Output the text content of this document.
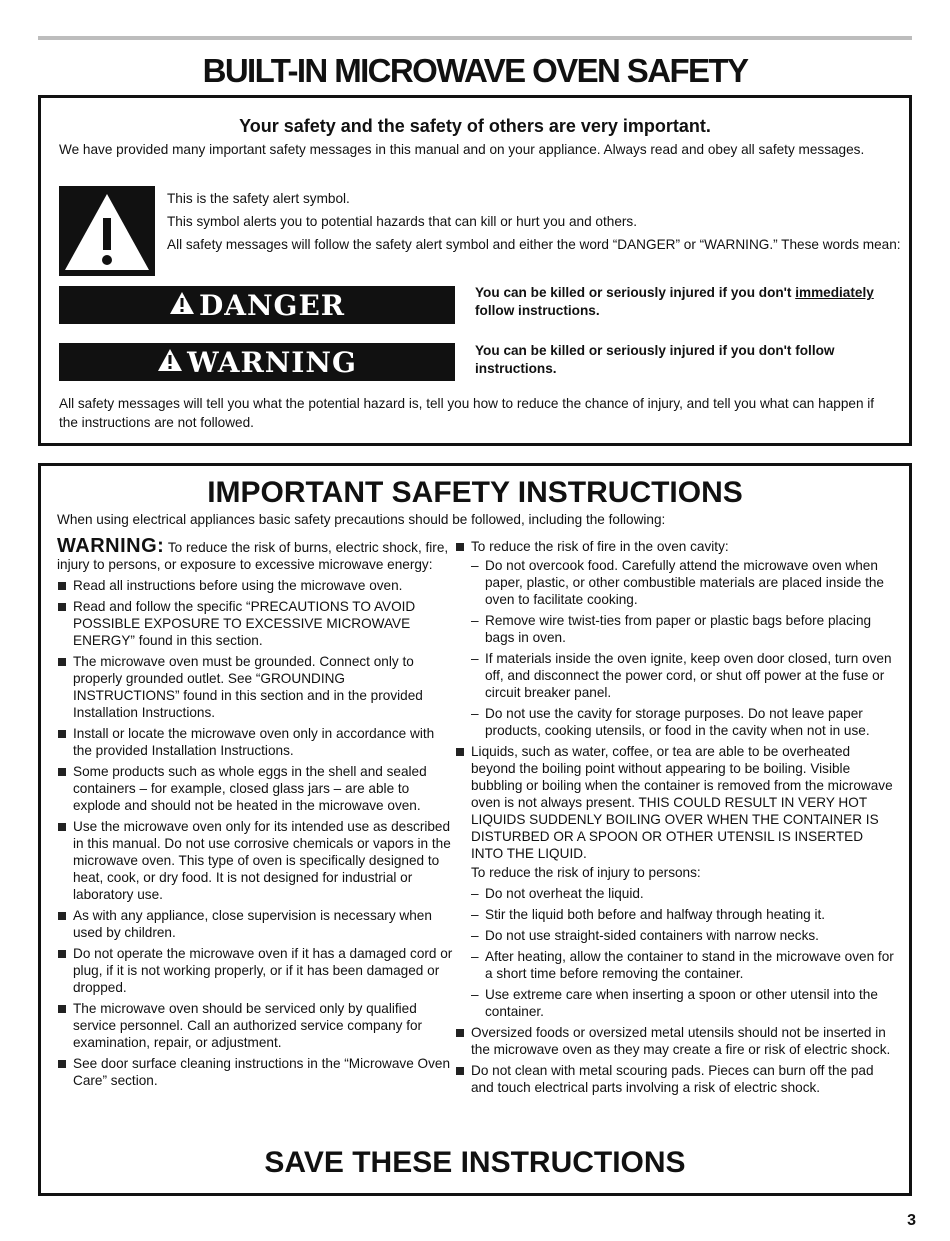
BUILT-IN MICROWAVE OVEN SAFETY
Your safety and the safety of others are very important.
We have provided many important safety messages in this manual and on your appliance. Always read and obey all safety messages.

This is the safety alert symbol.

This symbol alerts you to potential hazards that can kill or hurt you and others.

All safety messages will follow the safety alert symbol and either the word “DANGER” or “WARNING.” These words mean:

DANGER	You can be killed or seriously injured if you don't immediately follow instructions.
WARNING	You can be killed or seriously injured if you don't follow instructions.
All safety messages will tell you what the potential hazard is, tell you how to reduce the chance of injury, and tell you what can happen if the instructions are not followed.
IMPORTANT SAFETY INSTRUCTIONS
When using electrical appliances basic safety precautions should be followed, including the following:

WARNING: To reduce the risk of burns, electric shock, fire, injury to persons, or exposure to excessive microwave energy:

Read all instructions before using the microwave oven.
Read and follow the specific “PRECAUTIONS TO AVOID POSSIBLE EXPOSURE TO EXCESSIVE MICROWAVE ENERGY” found in this section.
The microwave oven must be grounded. Connect only to properly grounded outlet. See “GROUNDING INSTRUCTIONS” found in this section and in the provided Installation Instructions.
Install or locate the microwave oven only in accordance with the provided Installation Instructions.
Some products such as whole eggs in the shell and sealed containers – for example, closed glass jars – are able to explode and should not be heated in the microwave oven.
Use the microwave oven only for its intended use as described in this manual. Do not use corrosive chemicals or vapors in the microwave oven. This type of oven is specifically designed to heat, cook, or dry food. It is not designed for industrial or laboratory use.
As with any appliance, close supervision is necessary when used by children.
Do not operate the microwave oven if it has a damaged cord or plug, if it is not working properly, or if it has been damaged or dropped.
The microwave oven should be serviced only by qualified service personnel. Call an authorized service company for examination, repair, or adjustment.
See door surface cleaning instructions in the “Microwave Oven Care” section.
To reduce the risk of fire in the oven cavity:
– Do not overcook food. Carefully attend the microwave oven when paper, plastic, or other combustible materials are placed inside the oven to facilitate cooking.
– Remove wire twist-ties from paper or plastic bags before placing bags in oven.
– If materials inside the oven ignite, keep oven door closed, turn oven off, and disconnect the power cord, or shut off power at the fuse or circuit breaker panel.
– Do not use the cavity for storage purposes. Do not leave paper products, cooking utensils, or food in the cavity when not in use.
Liquids, such as water, coffee, or tea are able to be overheated beyond the boiling point without appearing to be boiling. Visible bubbling or boiling when the container is removed from the microwave oven is not always present. THIS COULD RESULT IN VERY HOT LIQUIDS SUDDENLY BOILING OVER WHEN THE CONTAINER IS DISTURBED OR A SPOON OR OTHER UTENSIL IS INSERTED INTO THE LIQUID.

To reduce the risk of injury to persons:

– Do not overheat the liquid.
– Stir the liquid both before and halfway through heating it.
– Do not use straight-sided containers with narrow necks.
– After heating, allow the container to stand in the microwave oven for a short time before removing the container.
– Use extreme care when inserting a spoon or other utensil into the container.
Oversized foods or oversized metal utensils should not be inserted in the microwave oven as they may create a fire or risk of electric shock.
Do not clean with metal scouring pads. Pieces can burn off the pad and touch electrical parts involving a risk of electric shock.
SAVE THESE INSTRUCTIONS
3
